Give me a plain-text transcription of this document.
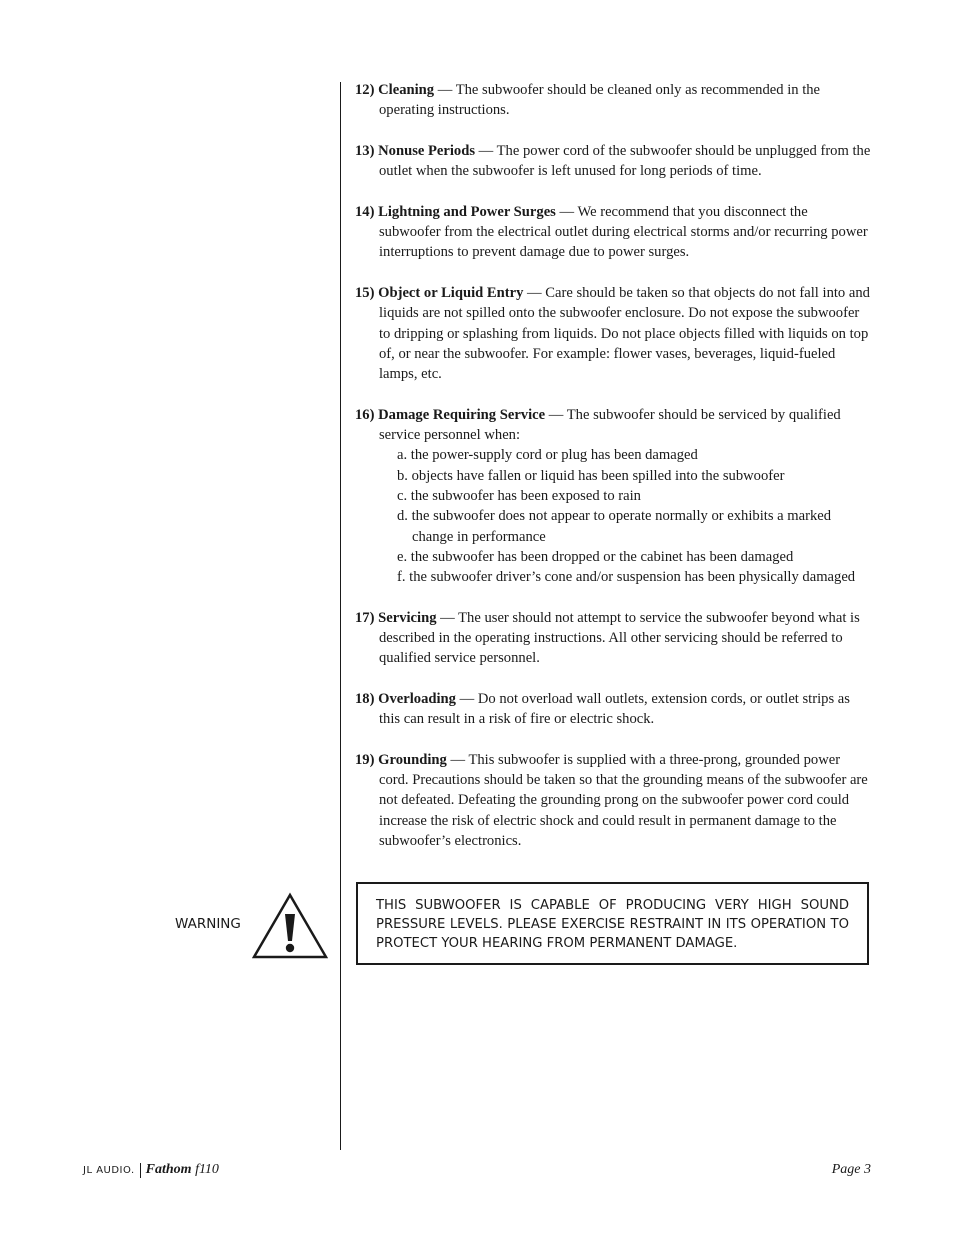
12) Cleaning — The subwoofer should be cleaned only as recommended in the operating instructions.
13) Nonuse Periods — The power cord of the subwoofer should be unplugged from the outlet when the subwoofer is left unused for long periods of time.
14) Lightning and Power Surges — We recommend that you disconnect the subwoofer from the electrical outlet during electrical storms and/or recurring power interruptions to prevent damage due to power surges.
15) Object or Liquid Entry — Care should be taken so that objects do not fall into and liquids are not spilled onto the subwoofer enclosure. Do not expose the subwoofer to dripping or splashing from liquids. Do not place objects filled with liquids on top of, or near the subwoofer. For example: flower vases, beverages, liquid-fueled lamps, etc.
16) Damage Requiring Service — The subwoofer should be serviced by qualified service personnel when:
a. the power-supply cord or plug has been damaged
b. objects have fallen or liquid has been spilled into the subwoofer
c. the subwoofer has been exposed to rain
d. the subwoofer does not appear to operate normally or exhibits a marked change in performance
e. the subwoofer has been dropped or the cabinet has been damaged
f. the subwoofer driver’s cone and/or suspension has been physically damaged
17) Servicing — The user should not attempt to service the subwoofer beyond what is described in the operating instructions. All other servicing should be referred to qualified service personnel.
18) Overloading — Do not overload wall outlets, extension cords, or outlet strips as this can result in a risk of fire or electric shock.
19) Grounding — This subwoofer is supplied with a three-prong, grounded power cord. Precautions should be taken so that the grounding means of the subwoofer are not defeated. Defeating the grounding prong on the subwoofer power cord could increase the risk of electric shock and could result in permanent damage to the subwoofer’s electronics.
WARNING
THIS SUBWOOFER IS CAPABLE OF PRODUCING VERY HIGH SOUND PRESSURE LEVELS. PLEASE EXERCISE RESTRAINT IN ITS OPERATION TO PROTECT YOUR HEARING FROM PERMANENT DAMAGE.
JL AUDIO. Fathom f110	Page 3
